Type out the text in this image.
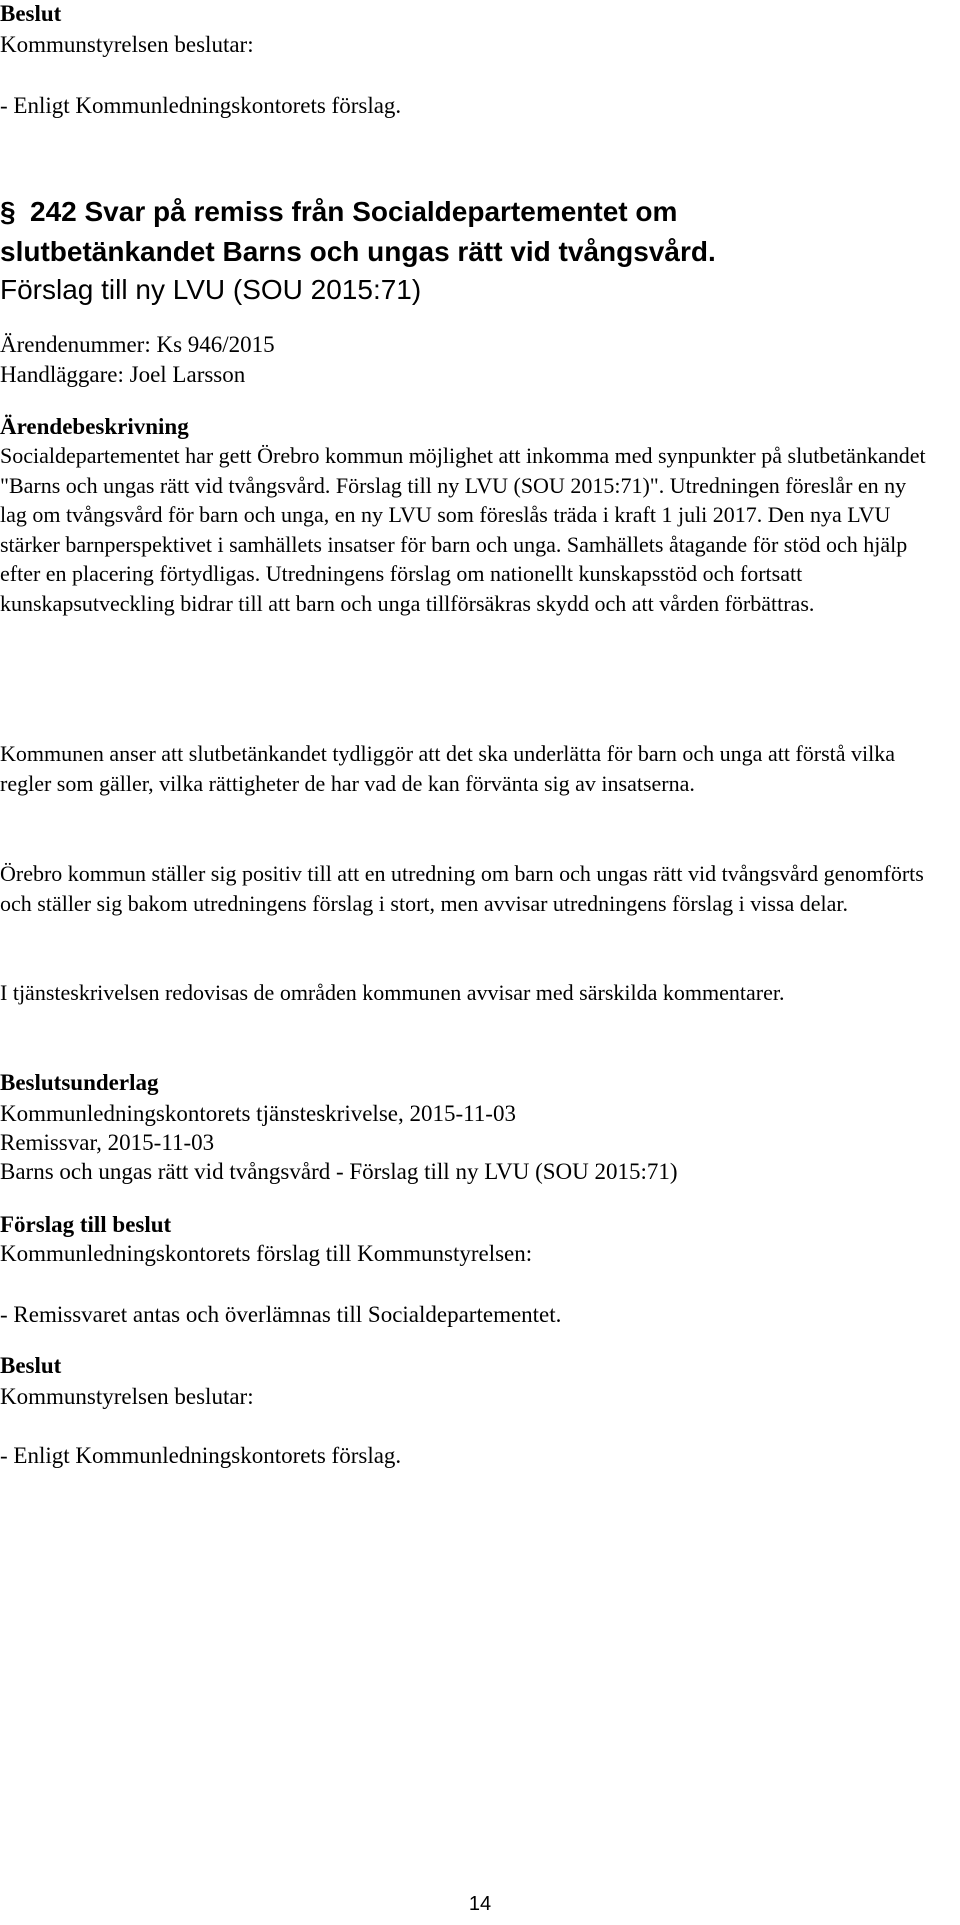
Beslut
Kommunstyrelsen beslutar:
- Enligt Kommunledningskontorets förslag.
§ 242 Svar på remiss från Socialdepartementet om
slutbetänkandet Barns och ungas rätt vid tvångsvård.
Förslag till ny LVU (SOU 2015:71)
Ärendenummer: Ks 946/2015
Handläggare: Joel Larsson
Ärendebeskrivning

Socialdepartementet har gett Örebro kommun möjlighet att inkomma med synpunkter på slutbetänkandet "Barns och ungas rätt vid tvångsvård. Förslag till ny LVU (SOU 2015:71)". Utredningen föreslår en ny lag om tvångsvård för barn och unga, en ny LVU som föreslås träda i kraft 1 juli 2017. Den nya LVU stärker barnperspektivet i samhällets insatser för barn och unga. Samhällets åtagande för stöd och hjälp efter en placering förtydligas. Utredningens förslag om nationellt kunskapsstöd och fortsatt kunskapsutveckling bidrar till att barn och unga tillförsäkras skydd och att vården förbättras.

Kommunen anser att slutbetänkandet tydliggör att det ska underlätta för barn och unga att förstå vilka regler som gäller, vilka rättigheter de har vad de kan förvänta sig av insatserna.

Örebro kommun ställer sig positiv till att en utredning om barn och ungas rätt vid tvångsvård genomförts och ställer sig bakom utredningens förslag i stort, men avvisar utredningens förslag i vissa delar.

I tjänsteskrivelsen redovisas de områden kommunen avvisar med särskilda kommentarer.

Beslutsunderlag
Kommunledningskontorets tjänsteskrivelse, 2015-11-03
Remissvar, 2015-11-03
Barns och ungas rätt vid tvångsvård - Förslag till ny LVU (SOU 2015:71)
Förslag till beslut
Kommunledningskontorets förslag till Kommunstyrelsen:
- Remissvaret antas och överlämnas till Socialdepartementet.
Beslut
Kommunstyrelsen beslutar:
- Enligt Kommunledningskontorets förslag.
14
